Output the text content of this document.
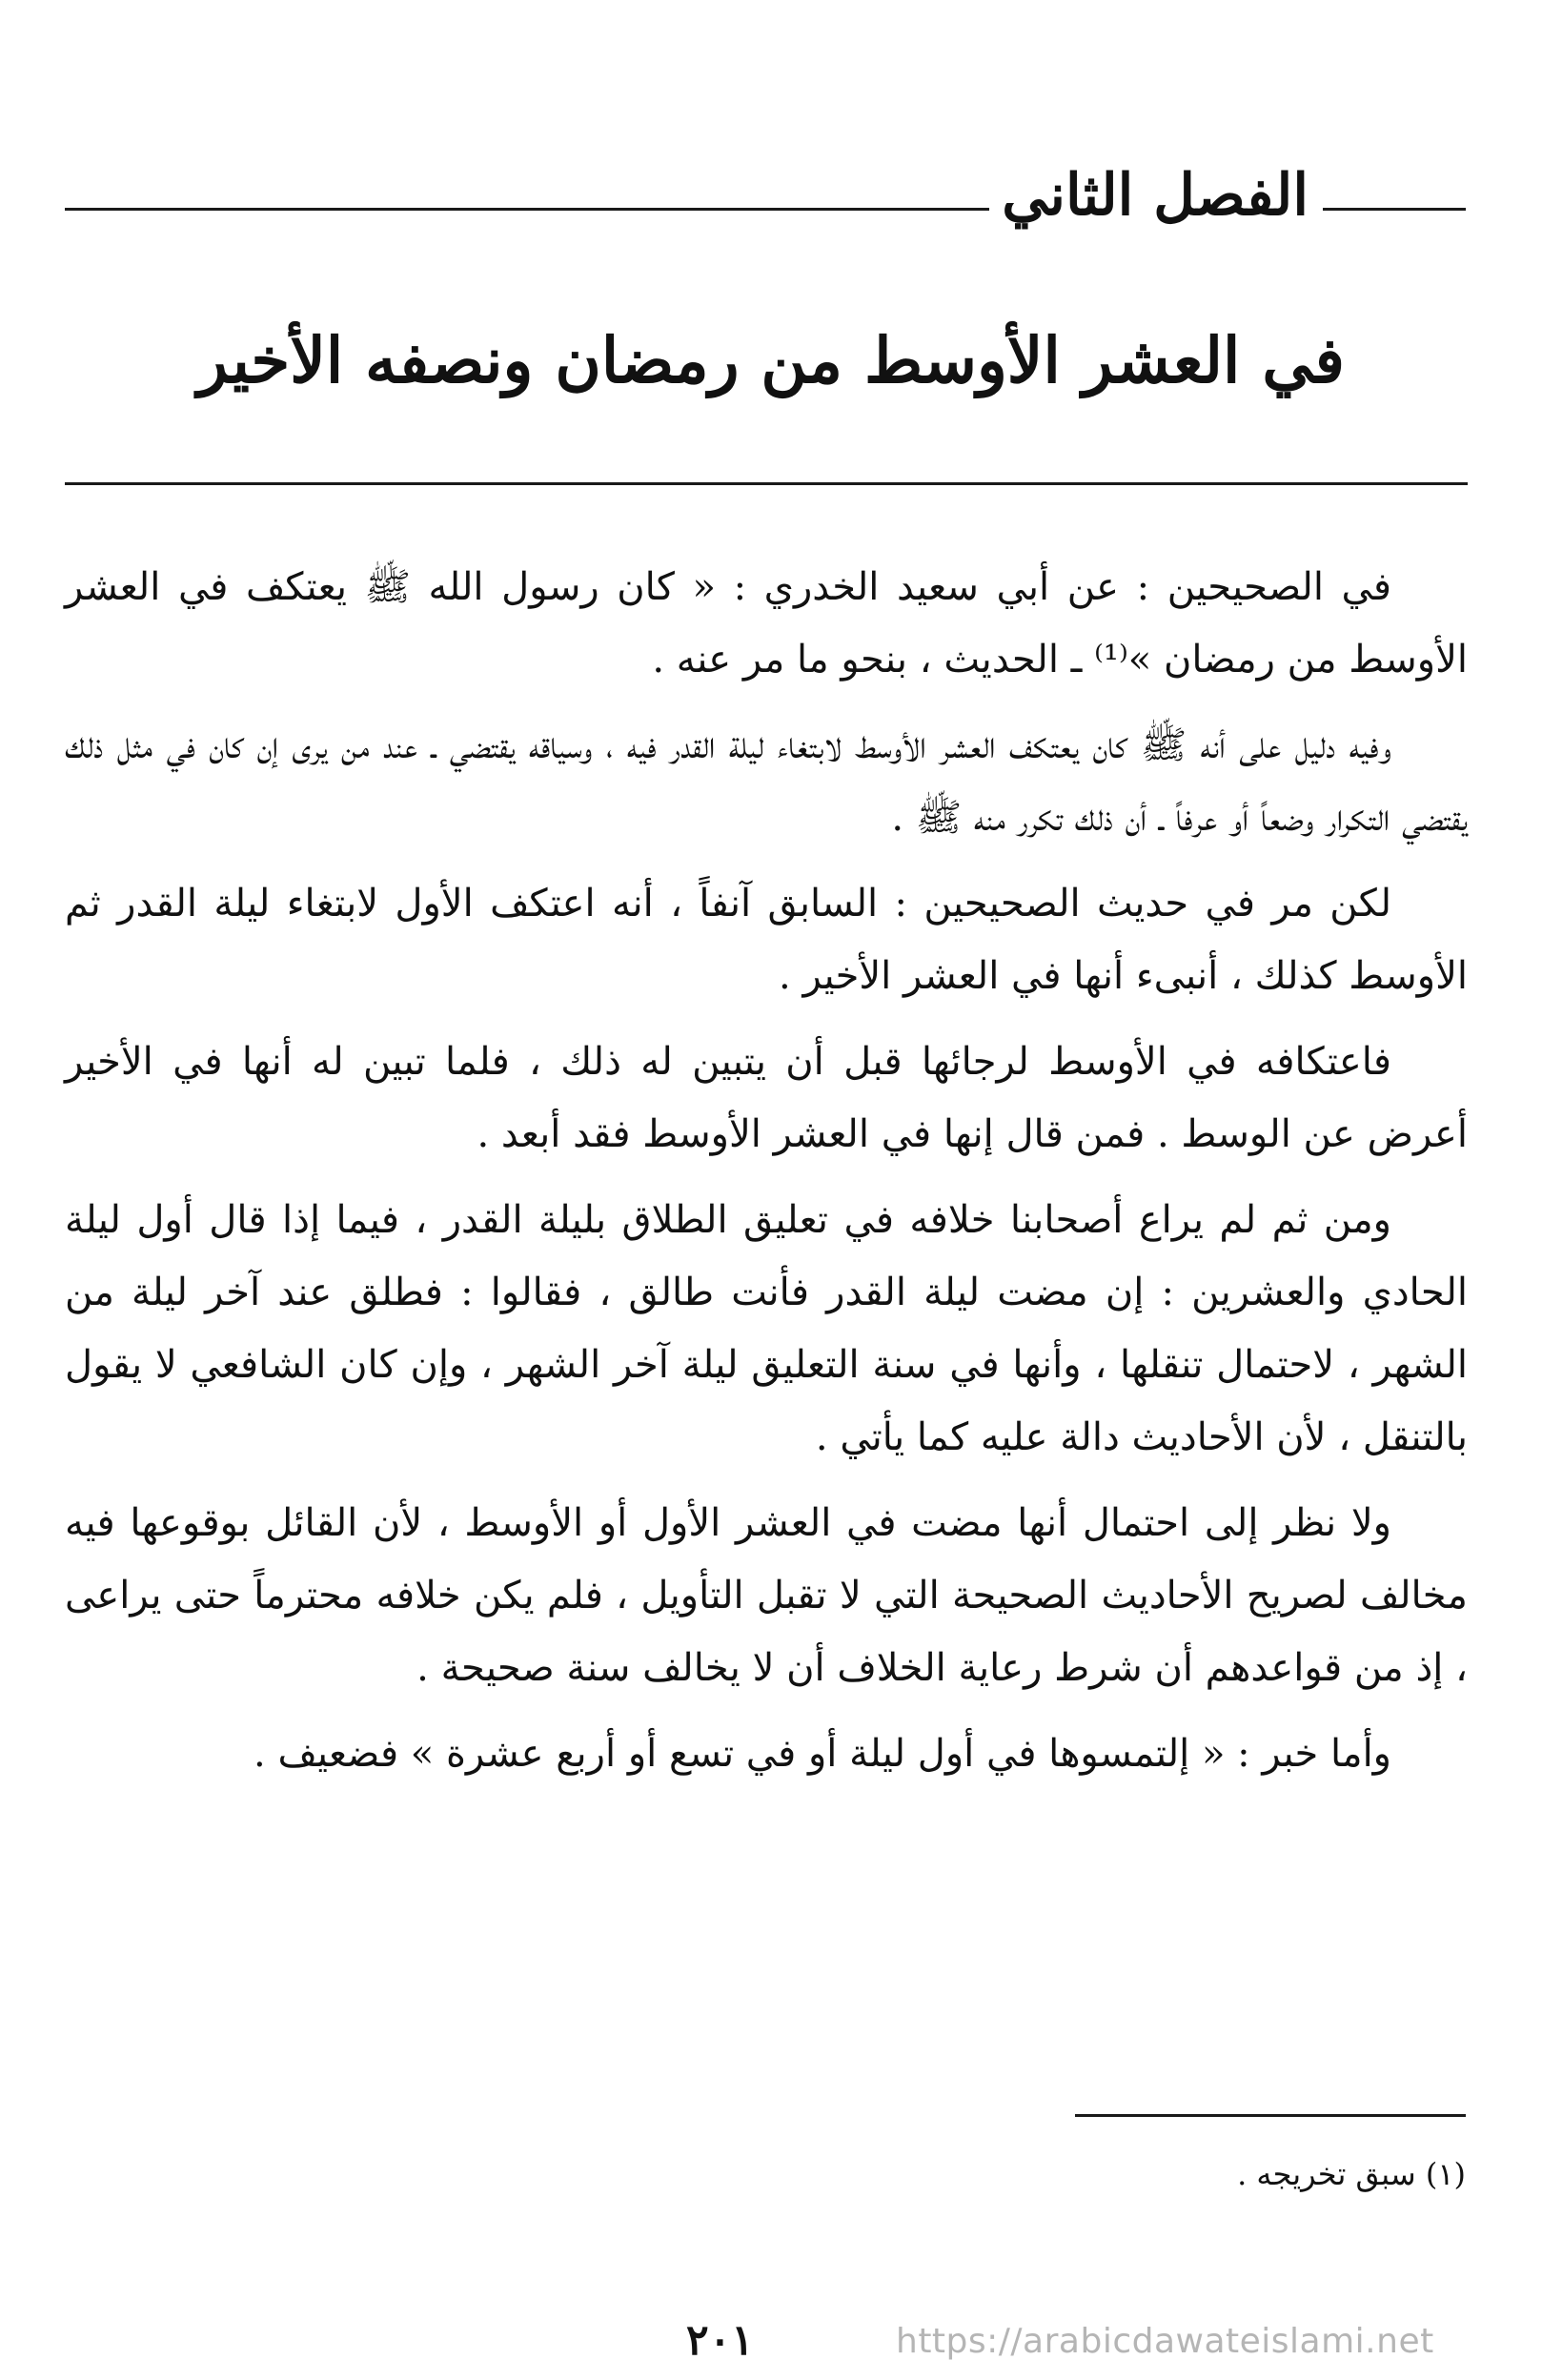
الفصل الثاني
في العشر الأوسط من رمضان ونصفه الأخير

في الصحيحين : عن أبي سعيد الخدري : « كان رسول الله ﷺ يعتكف في العشر الأوسط من رمضان »⁽¹⁾ ـ الحديث ، بنحو ما مر عنه .

وفيه دليل على أنه ﷺ كان يعتكف العشر الأوسط لابتغاء ليلة القدر فيه ، وسياقه يقتضي ـ عند من يرى إن كان في مثل ذلك يقتضي التكرار وضعاً أو عرفاً ـ أن ذلك تكرر منه ﷺ .

لكن مر في حديث الصحيحين : السابق آنفاً ، أنه اعتكف الأول لابتغاء ليلة القدر ثم الأوسط كذلك ، أنبىء أنها في العشر الأخير .

فاعتكافه في الأوسط لرجائها قبل أن يتبين له ذلك ، فلما تبين له أنها في الأخير أعرض عن الوسط . فمن قال إنها في العشر الأوسط فقد أبعد .

ومن ثم لم يراع أصحابنا خلافه في تعليق الطلاق بليلة القدر ، فيما إذا قال أول ليلة الحادي والعشرين : إن مضت ليلة القدر فأنت طالق ، فقالوا : فطلق عند آخر ليلة من الشهر ، لاحتمال تنقلها ، وأنها في سنة التعليق ليلة آخر الشهر ، وإن كان الشافعي لا يقول بالتنقل ، لأن الأحاديث دالة عليه كما يأتي .

ولا نظر إلى احتمال أنها مضت في العشر الأول أو الأوسط ، لأن القائل بوقوعها فيه مخالف لصريح الأحاديث الصحيحة التي لا تقبل التأويل ، فلم يكن خلافه محترماً حتى يراعى ، إذ من قواعدهم أن شرط رعاية الخلاف أن لا يخالف سنة صحيحة .

وأما خبر : « إلتمسوها في أول ليلة أو في تسع أو أربع عشرة » فضعيف .

(١) سبق تخريجه .
٢٠١	https://arabicdawateislami.net
